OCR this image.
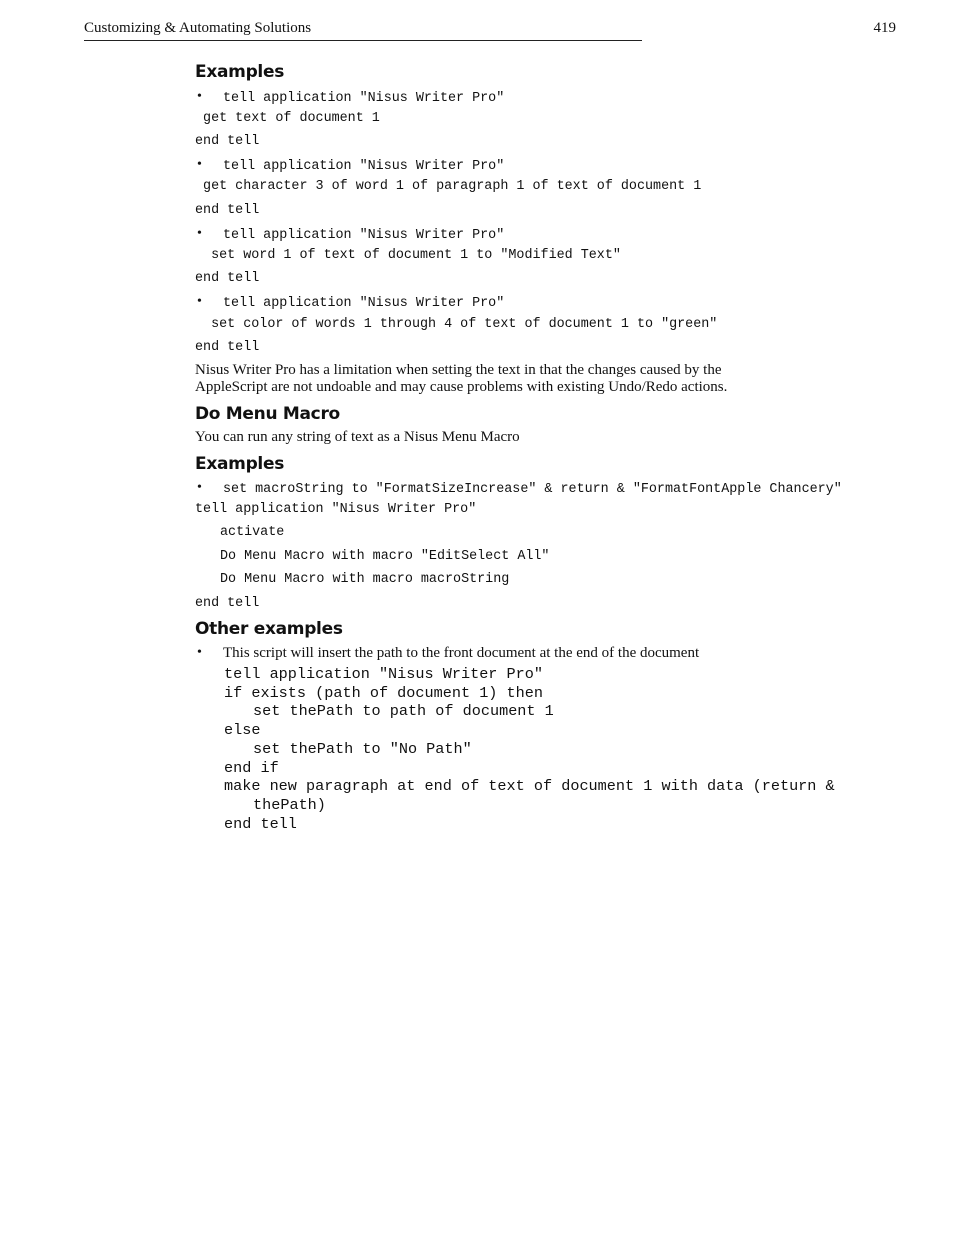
Customizing & Automating Solutions	419
Examples
• tell application "Nisus Writer Pro"
get text of document 1
end tell
• tell application "Nisus Writer Pro"
get character 3 of word 1 of paragraph 1 of text of document 1
end tell
• tell application "Nisus Writer Pro"
set word 1 of text of document 1 to "Modified Text"
end tell
• tell application "Nisus Writer Pro"
set color of words 1 through 4 of text of document 1 to "green"
end tell
Nisus Writer Pro has a limitation when setting the text in that the changes caused by the
AppleScript are not undoable and may cause problems with existing Undo/Redo actions.
Do Menu Macro
You can run any string of text as a Nisus Menu Macro
Examples
• set macroString to "FormatSizeIncrease" & return & "FormatFontApple Chancery"
tell application "Nisus Writer Pro"
activate
Do Menu Macro with macro "EditSelect All"
Do Menu Macro with macro macroString
end tell
Other examples
• This script will insert the path to the front document at the end of the document
tell application "Nisus Writer Pro"
if exists (path of document 1) then
set thePath to path of document 1
else
set thePath to "No Path"
end if
make new paragraph at end of text of document 1 with data (return &
thePath)
end tell
